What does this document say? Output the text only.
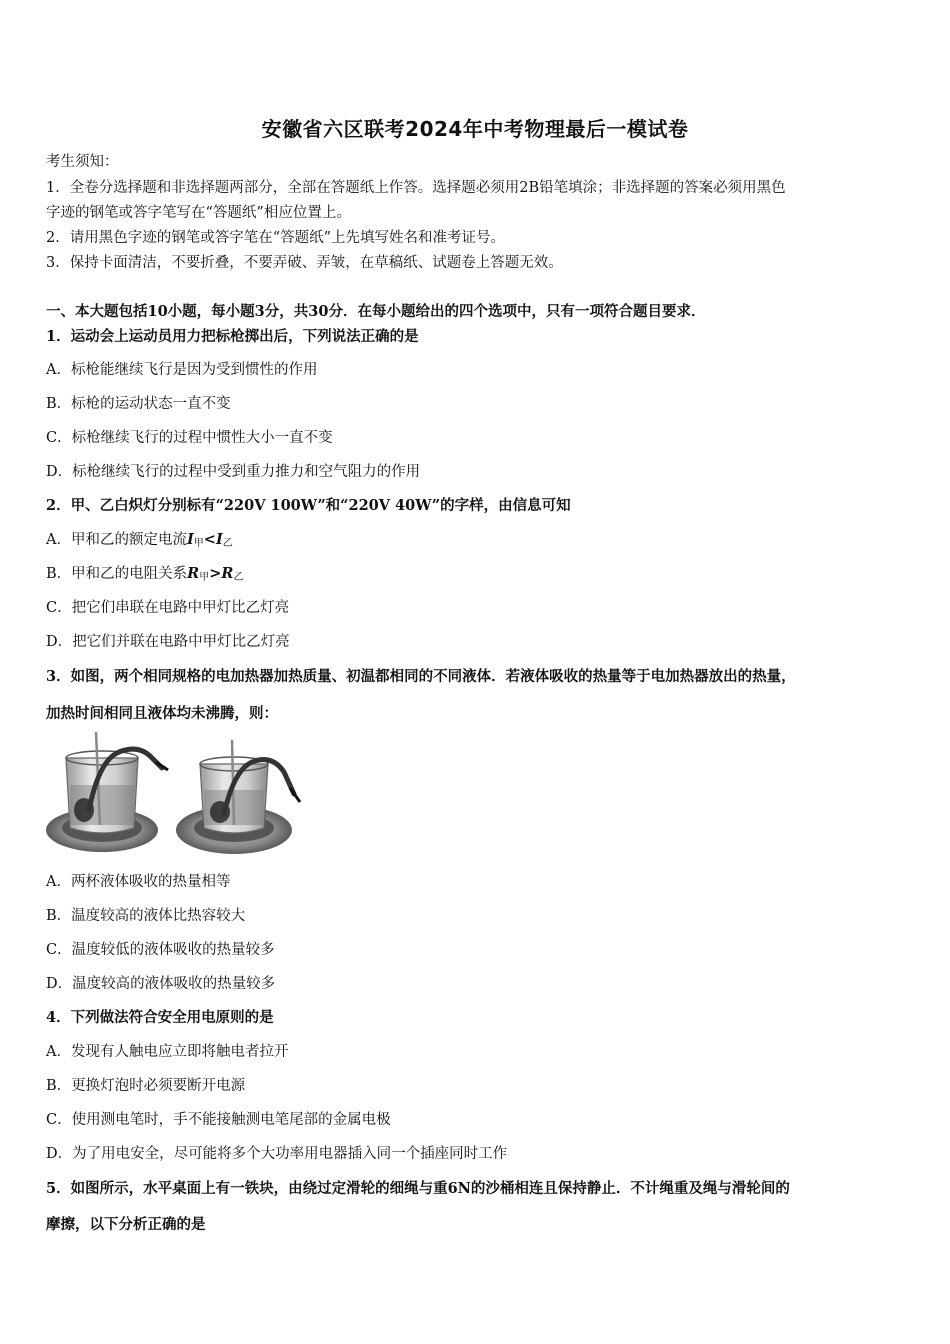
安徽省六区联考2024年中考物理最后一模试卷
考生须知：
1．全卷分选择题和非选择题两部分，全部在答题纸上作答。选择题必须用2B铅笔填涂；非选择题的答案必须用黑色
字迹的钢笔或答字笔写在“答题纸”相应位置上。
2．请用黑色字迹的钢笔或答字笔在“答题纸”上先填写姓名和准考证号。
3．保持卡面清洁，不要折叠，不要弄破、弄皱，在草稿纸、试题卷上答题无效。
一、本大题包括10小题，每小题3分，共30分．在每小题给出的四个选项中，只有一项符合题目要求．
1．运动会上运动员用力把标枪掷出后，下列说法正确的是
A．标枪能继续飞行是因为受到惯性的作用
B．标枪的运动状态一直不变
C．标枪继续飞行的过程中惯性大小一直不变
D．标枪继续飞行的过程中受到重力推力和空气阻力的作用
2．甲、乙白炽灯分别标有“220V 100W”和“220V 40W”的字样，由信息可知
A．甲和乙的额定电流$I_甲<I_乙$
B．甲和乙的电阻关系$R_甲>R_乙$
C．把它们串联在电路中甲灯比乙灯亮
D．把它们并联在电路中甲灯比乙灯亮
3．如图，两个相同规格的电加热器加热质量、初温都相同的不同液体．若液体吸收的热量等于电加热器放出的热量，
加热时间相同且液体均未沸腾，则：
A．两杯液体吸收的热量相等
B．温度较高的液体比热容较大
C．温度较低的液体吸收的热量较多
D．温度较高的液体吸收的热量较多
4．下列做法符合安全用电原则的是
A．发现有人触电应立即将触电者拉开
B．更换灯泡时必须要断开电源
C．使用测电笔时，手不能接触测电笔尾部的金属电极
D．为了用电安全，尽可能将多个大功率用电器插入同一个插座同时工作
5．如图所示，水平桌面上有一铁块，由绕过定滑轮的细绳与重6N的沙桶相连且保持静止．不计绳重及绳与滑轮间的
摩擦，以下分析正确的是
